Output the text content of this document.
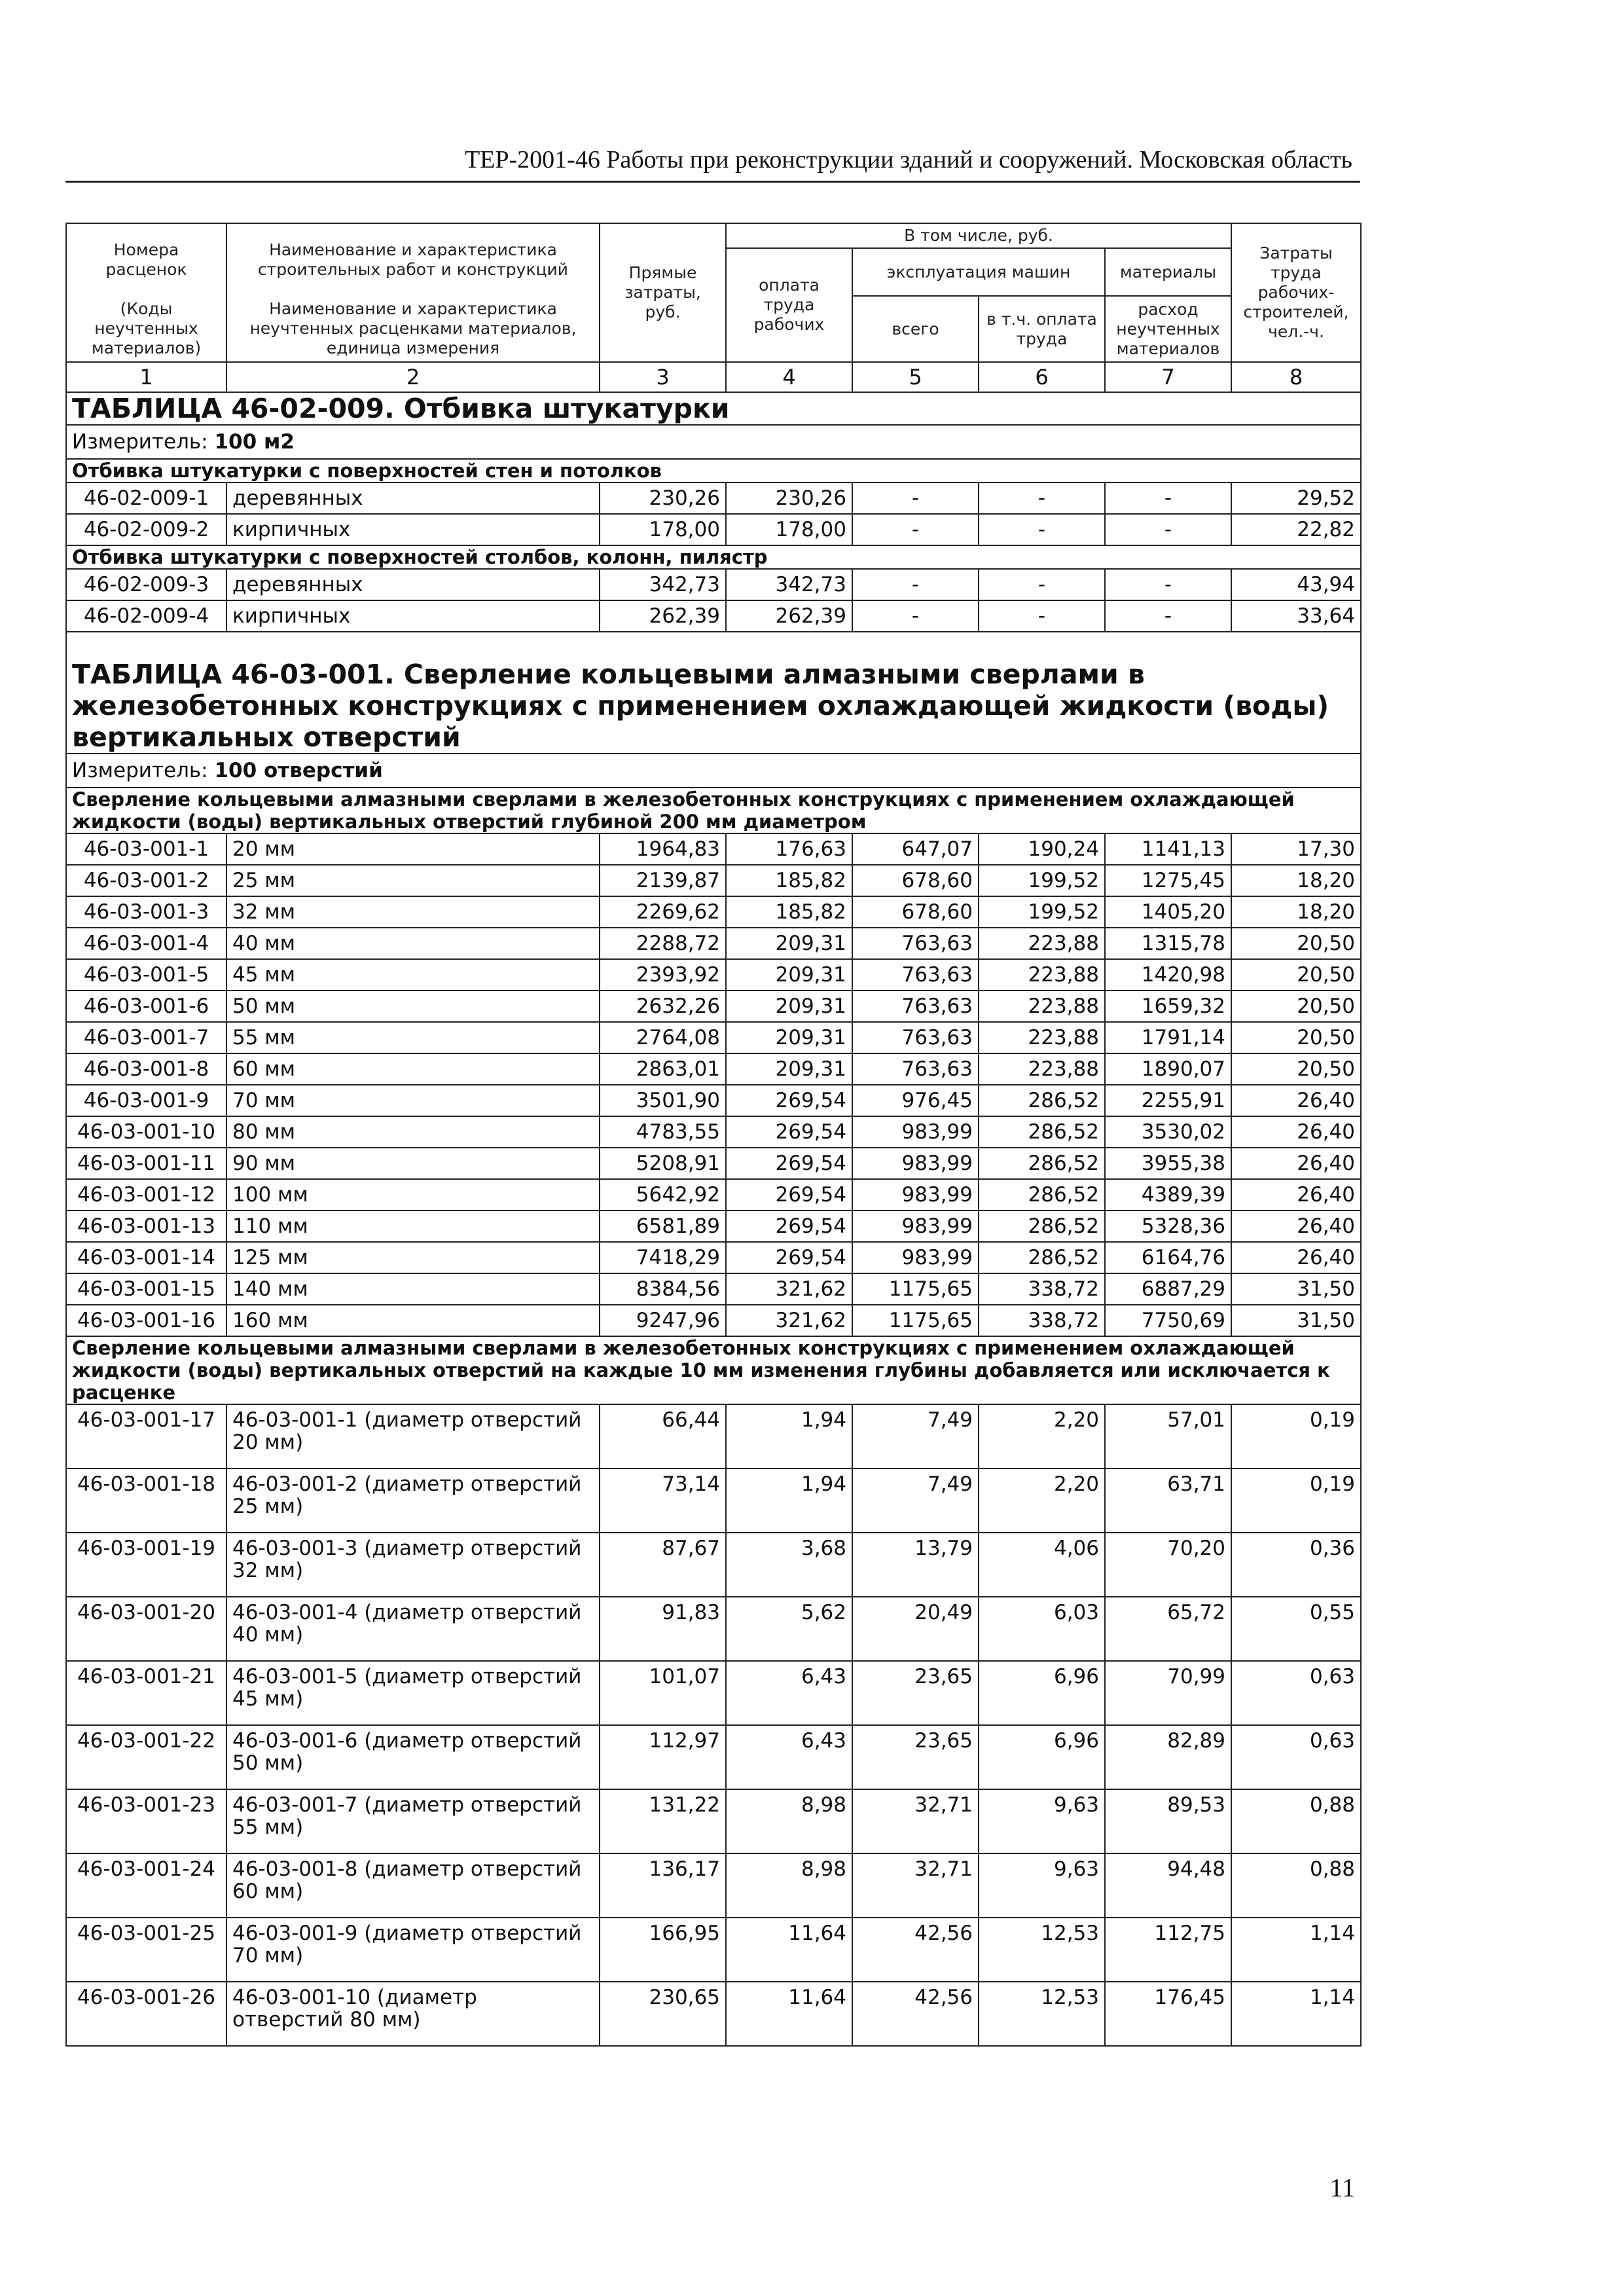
ТЕР-2001-46 Работы при реконструкции зданий и сооружений. Московская область
Номера расценок	Наименование и характеристика строительных работ и конструкций	Прямые затраты, руб.	В том числе, руб.				Затраты труда рабочих-строителей, чел.-ч.
			оплата труда рабочих	эксплуатация машин		материалы	
(Коды неучтенных материалов)	Наименование и характеристика неучтенных расценками материалов, единица измерения			всего	в т.ч. оплата труда	расход неучтенных материалов	
1	2	3	4	5	6	7	8
ТАБЛИЦА 46-02-009. Отбивка штукатурки							
Измеритель: 100 м2							
Отбивка штукатурки с поверхностей стен и потолков							
46-02-009-1	деревянных	230,26	230,26	-	-	-	29,52
46-02-009-2	кирпичных	178,00	178,00	-	-	-	22,82
Отбивка штукатурки с поверхностей столбов, колонн, пилястр							
46-02-009-3	деревянных	342,73	342,73	-	-	-	43,94
46-02-009-4	кирпичных	262,39	262,39	-	-	-	33,64
ТАБЛИЦА 46-03-001. Сверление кольцевыми алмазными сверлами в железобетонных конструкциях с применением охлаждающей жидкости (воды) вертикальных отверстий							
Измеритель: 100 отверстий							
Сверление кольцевыми алмазными сверлами в железобетонных конструкциях с применением охлаждающей жидкости (воды) вертикальных отверстий глубиной 200 мм диаметром							
46-03-001-1	20 мм	1964,83	176,63	647,07	190,24	1141,13	17,30
46-03-001-2	25 мм	2139,87	185,82	678,60	199,52	1275,45	18,20
46-03-001-3	32 мм	2269,62	185,82	678,60	199,52	1405,20	18,20
46-03-001-4	40 мм	2288,72	209,31	763,63	223,88	1315,78	20,50
46-03-001-5	45 мм	2393,92	209,31	763,63	223,88	1420,98	20,50
46-03-001-6	50 мм	2632,26	209,31	763,63	223,88	1659,32	20,50
46-03-001-7	55 мм	2764,08	209,31	763,63	223,88	1791,14	20,50
46-03-001-8	60 мм	2863,01	209,31	763,63	223,88	1890,07	20,50
46-03-001-9	70 мм	3501,90	269,54	976,45	286,52	2255,91	26,40
46-03-001-10	80 мм	4783,55	269,54	983,99	286,52	3530,02	26,40
46-03-001-11	90 мм	5208,91	269,54	983,99	286,52	3955,38	26,40
46-03-001-12	100 мм	5642,92	269,54	983,99	286,52	4389,39	26,40
46-03-001-13	110 мм	6581,89	269,54	983,99	286,52	5328,36	26,40
46-03-001-14	125 мм	7418,29	269,54	983,99	286,52	6164,76	26,40
46-03-001-15	140 мм	8384,56	321,62	1175,65	338,72	6887,29	31,50
46-03-001-16	160 мм	9247,96	321,62	1175,65	338,72	7750,69	31,50
Сверление кольцевыми алмазными сверлами в железобетонных конструкциях с применением охлаждающей жидкости (воды) вертикальных отверстий на каждые 10 мм изменения глубины добавляется или исключается к расценке							
46-03-001-17	46-03-001-1 (диаметр отверстий 20 мм)	66,44	1,94	7,49	2,20	57,01	0,19
46-03-001-18	46-03-001-2 (диаметр отверстий 25 мм)	73,14	1,94	7,49	2,20	63,71	0,19
46-03-001-19	46-03-001-3 (диаметр отверстий 32 мм)	87,67	3,68	13,79	4,06	70,20	0,36
46-03-001-20	46-03-001-4 (диаметр отверстий 40 мм)	91,83	5,62	20,49	6,03	65,72	0,55
46-03-001-21	46-03-001-5 (диаметр отверстий 45 мм)	101,07	6,43	23,65	6,96	70,99	0,63
46-03-001-22	46-03-001-6 (диаметр отверстий 50 мм)	112,97	6,43	23,65	6,96	82,89	0,63
46-03-001-23	46-03-001-7 (диаметр отверстий 55 мм)	131,22	8,98	32,71	9,63	89,53	0,88
46-03-001-24	46-03-001-8 (диаметр отверстий 60 мм)	136,17	8,98	32,71	9,63	94,48	0,88
46-03-001-25	46-03-001-9 (диаметр отверстий 70 мм)	166,95	11,64	42,56	12,53	112,75	1,14
46-03-001-26	46-03-001-10 (диаметр отверстий 80 мм)	230,65	11,64	42,56	12,53	176,45	1,14
11
